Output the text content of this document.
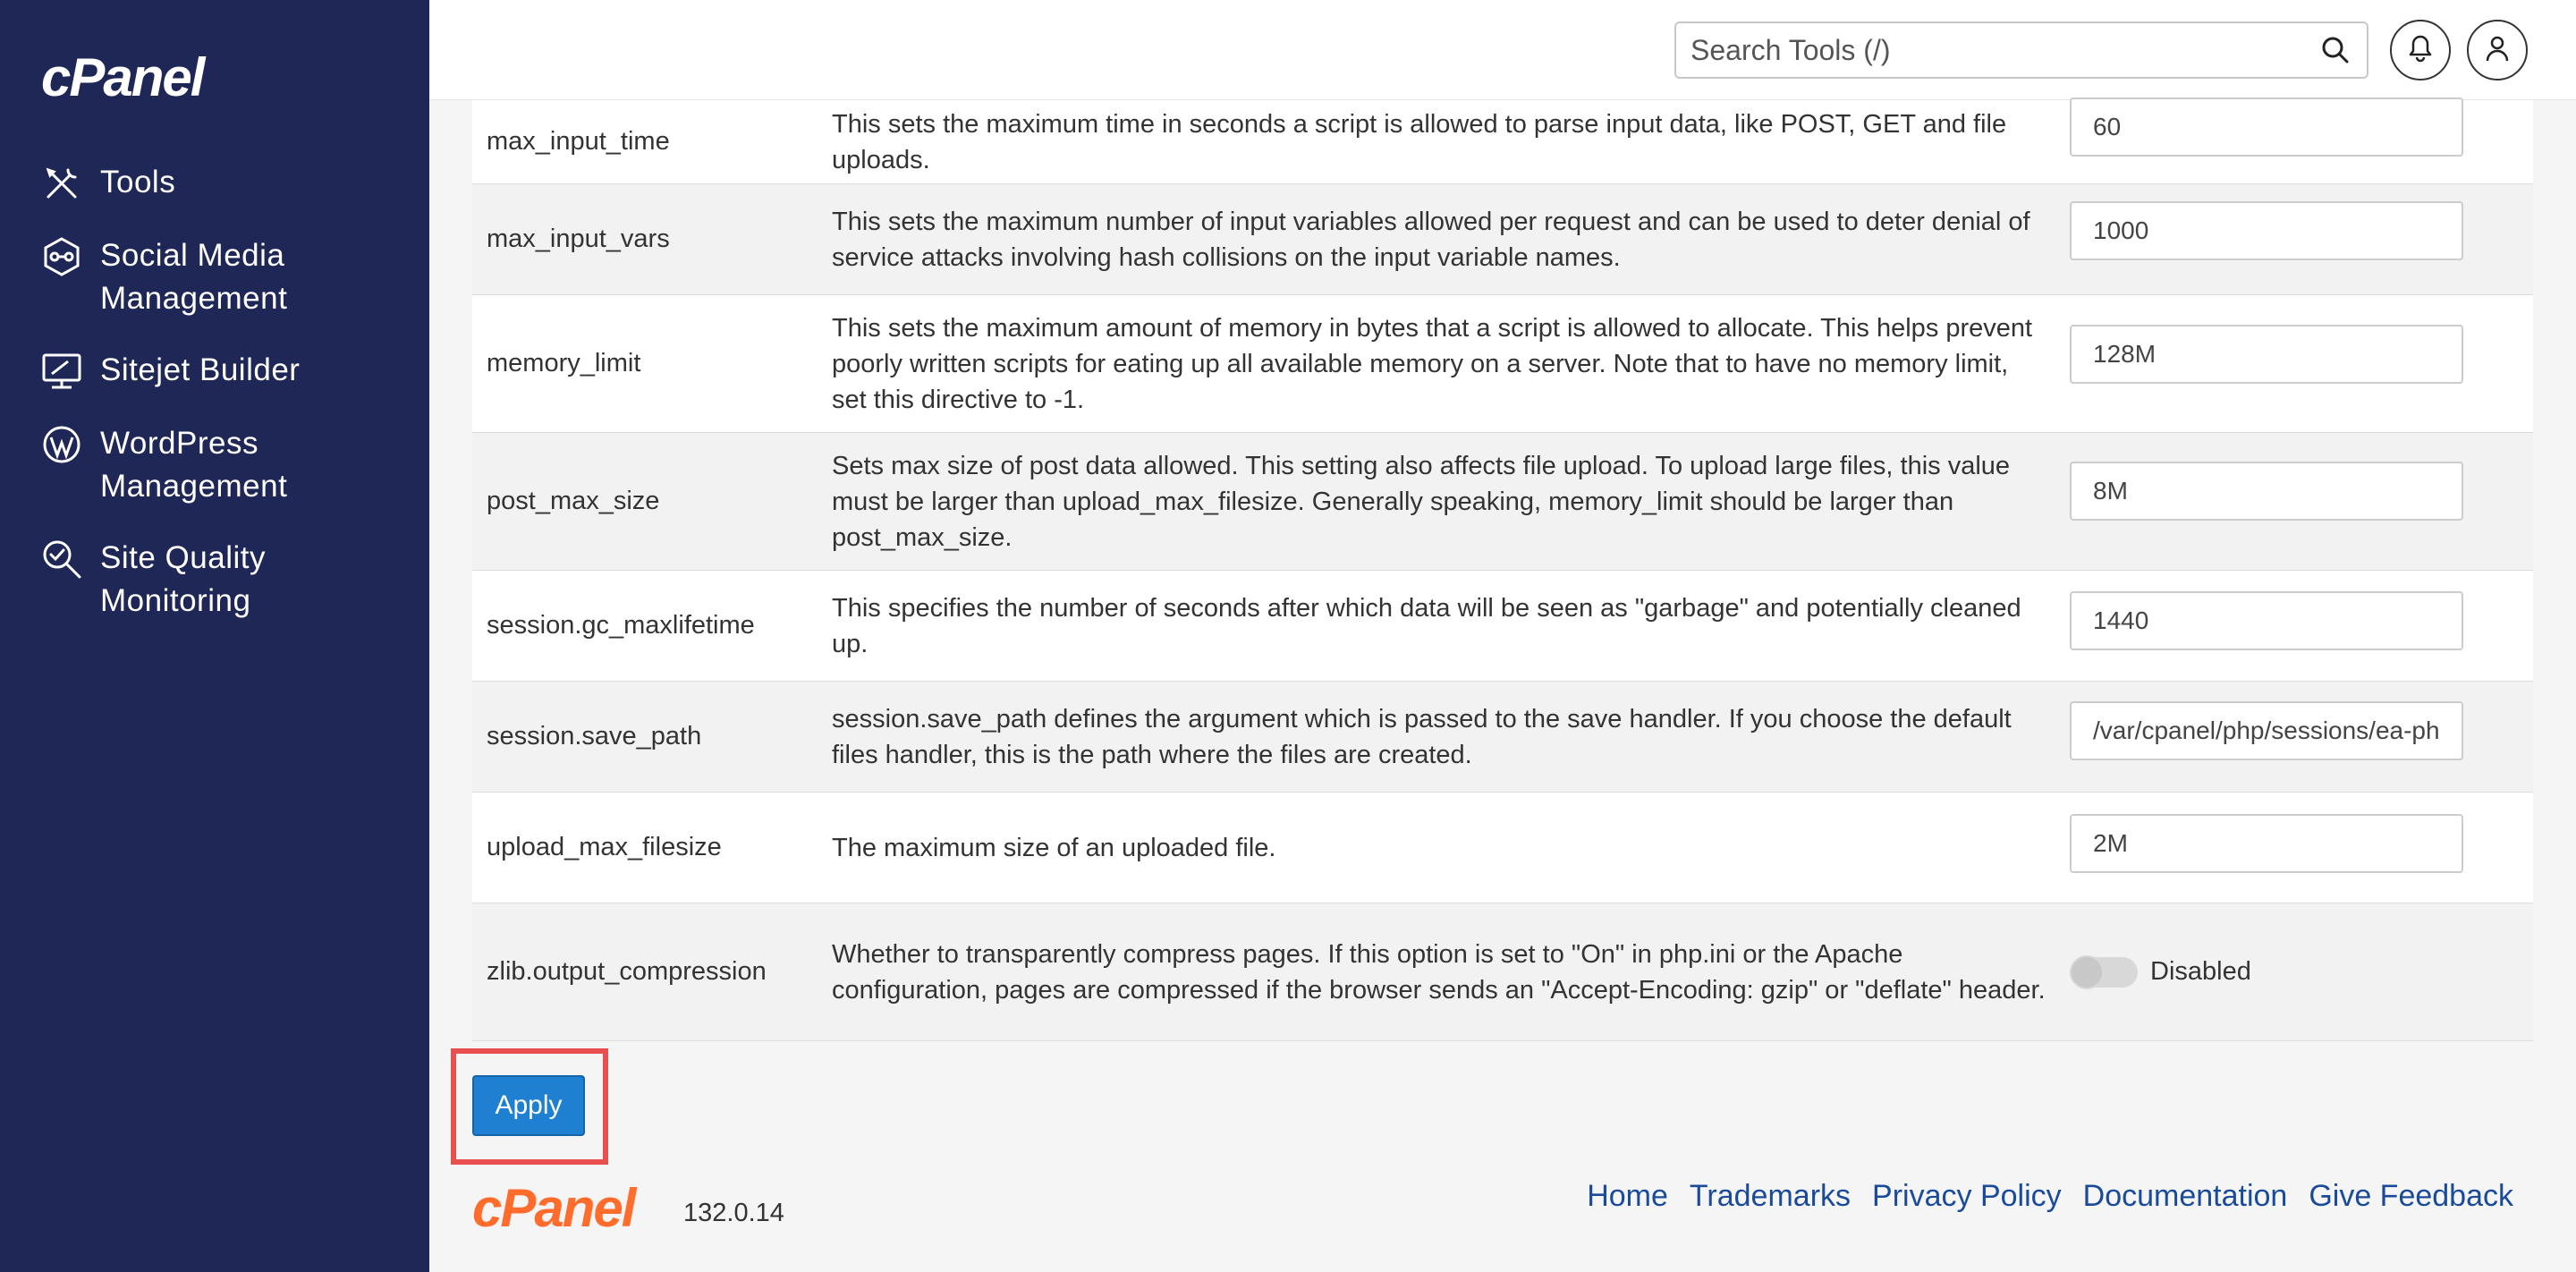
cPanel
Tools
Social Media Management
Sitejet Builder
WordPress Management
Site Quality Monitoring
Search Tools (/)
max_input_time
This sets the maximum time in seconds a script is allowed to parse input data, like POST, GET and file uploads.
60
max_input_vars
This sets the maximum number of input variables allowed per request and can be used to deter denial of service attacks involving hash collisions on the input variable names.
1000
memory_limit
This sets the maximum amount of memory in bytes that a script is allowed to allocate. This helps prevent poorly written scripts for eating up all available memory on a server. Note that to have no memory limit, set this directive to -1.
128M
post_max_size
Sets max size of post data allowed. This setting also affects file upload. To upload large files, this value must be larger than upload_max_filesize. Generally speaking, memory_limit should be larger than post_max_size.
8M
session.gc_maxlifetime
This specifies the number of seconds after which data will be seen as "garbage" and potentially cleaned up.
1440
session.save_path
session.save_path defines the argument which is passed to the save handler. If you choose the default files handler, this is the path where the files are created.
/var/cpanel/php/sessions/ea-php81
upload_max_filesize	The maximum size of an uploaded file.
2M
zlib.output_compression
Whether to transparently compress pages. If this option is set to "On" in php.ini or the Apache configuration, pages are compressed if the browser sends an "Accept-Encoding: gzip" or "deflate" header.
Disabled
Apply
cPanel 132.0.14	Home Trademarks Privacy Policy Documentation Give Feedback
